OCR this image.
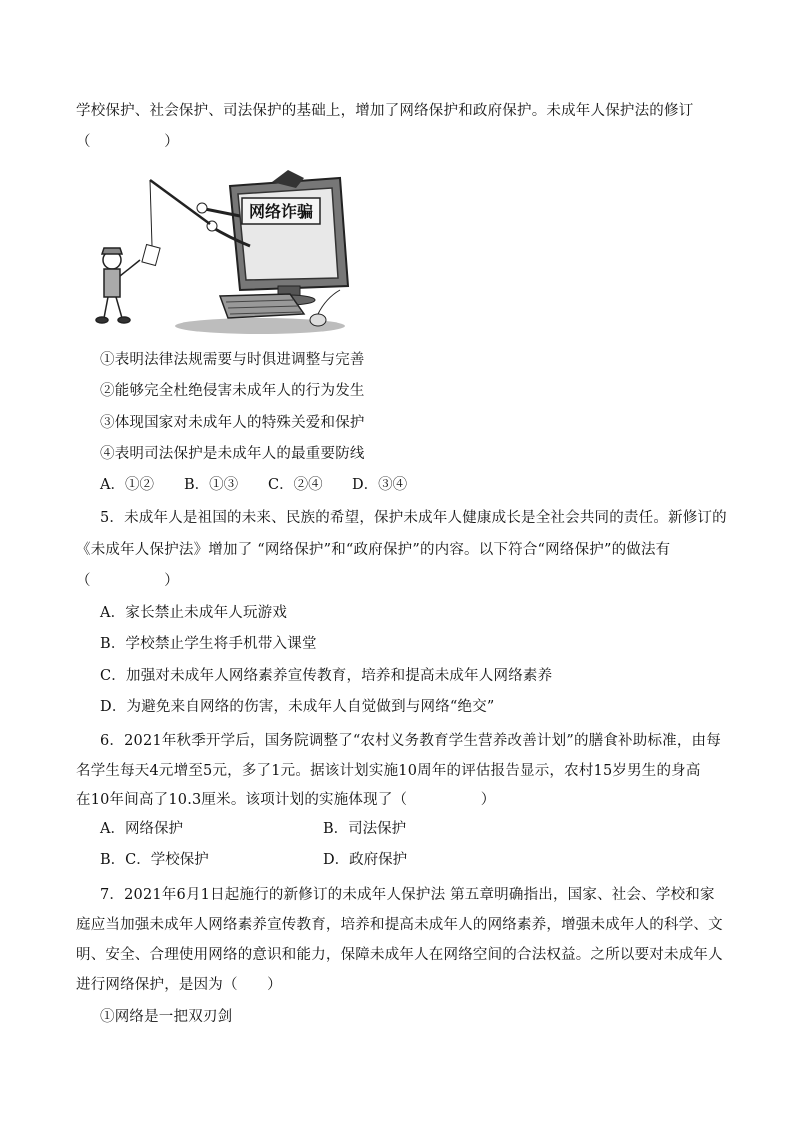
学校保护、社会保护、司法保护的基础上，增加了网络保护和政府保护。未成年人保护法的修订
（　　　　　）
网络诈骗
①表明法律法规需要与时俱进调整与完善
②能够完全杜绝侵害未成年人的行为发生
③体现国家对未成年人的特殊关爱和保护
④表明司法保护是未成年人的最重要防线
A．①② B．①③ C．②④ D．③④
5．未成年人是祖国的未来、民族的希望，保护未成年人健康成长是全社会共同的责任。新修订的
《未成年人保护法》增加了 “网络保护”和“政府保护”的内容。以下符合“网络保护”的做法有
（　　　　　）
A．家长禁止未成年人玩游戏
B．学校禁止学生将手机带入课堂
C．加强对未成年人网络素养宣传教育，培养和提高未成年人网络素养
D．为避免来自网络的伤害，未成年人自觉做到与网络“绝交”
6．2021年秋季开学后，国务院调整了“农村义务教育学生营养改善计划”的膳食补助标准，由每
名学生每天4元增至5元，多了1元。据该计划实施10周年的评估报告显示，农村15岁男生的身高
在10年间高了10.3厘米。该项计划的实施体现了（　　　　　）
A．网络保护	B．司法保护
B．C．学校保护	D．政府保护
7．2021年6月1日起施行的新修订的未成年人保护法 第五章明确指出，国家、社会、学校和家
庭应当加强未成年人网络素养宣传教育，培养和提高未成年人的网络素养，增强未成年人的科学、文
明、安全、合理使用网络的意识和能力，保障未成年人在网络空间的合法权益。之所以要对未成年人
进行网络保护，是因为（　　）
①网络是一把双刃剑
